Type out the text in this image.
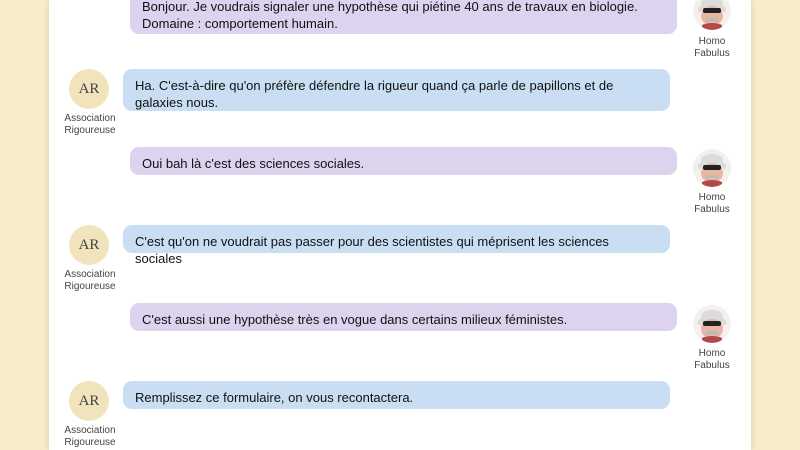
Bonjour. Je voudrais signaler une hypothèse qui piétine 40 ans de travaux en biologie. Domaine : comportement humain.
Homo
Fabulus
AR
Association
Rigoureuse
Ha. C'est-à-dire qu'on préfère défendre la rigueur quand ça parle de papillons et de galaxies nous.
Oui bah là c'est des sciences sociales.
Homo
Fabulus
AR
Association
Rigoureuse
C'est qu'on ne voudrait pas passer pour des scientistes qui méprisent les sciences sociales
C'est aussi une hypothèse très en vogue dans certains milieux féministes.
Homo
Fabulus
AR
Association
Rigoureuse
Remplissez ce formulaire, on vous recontactera.
